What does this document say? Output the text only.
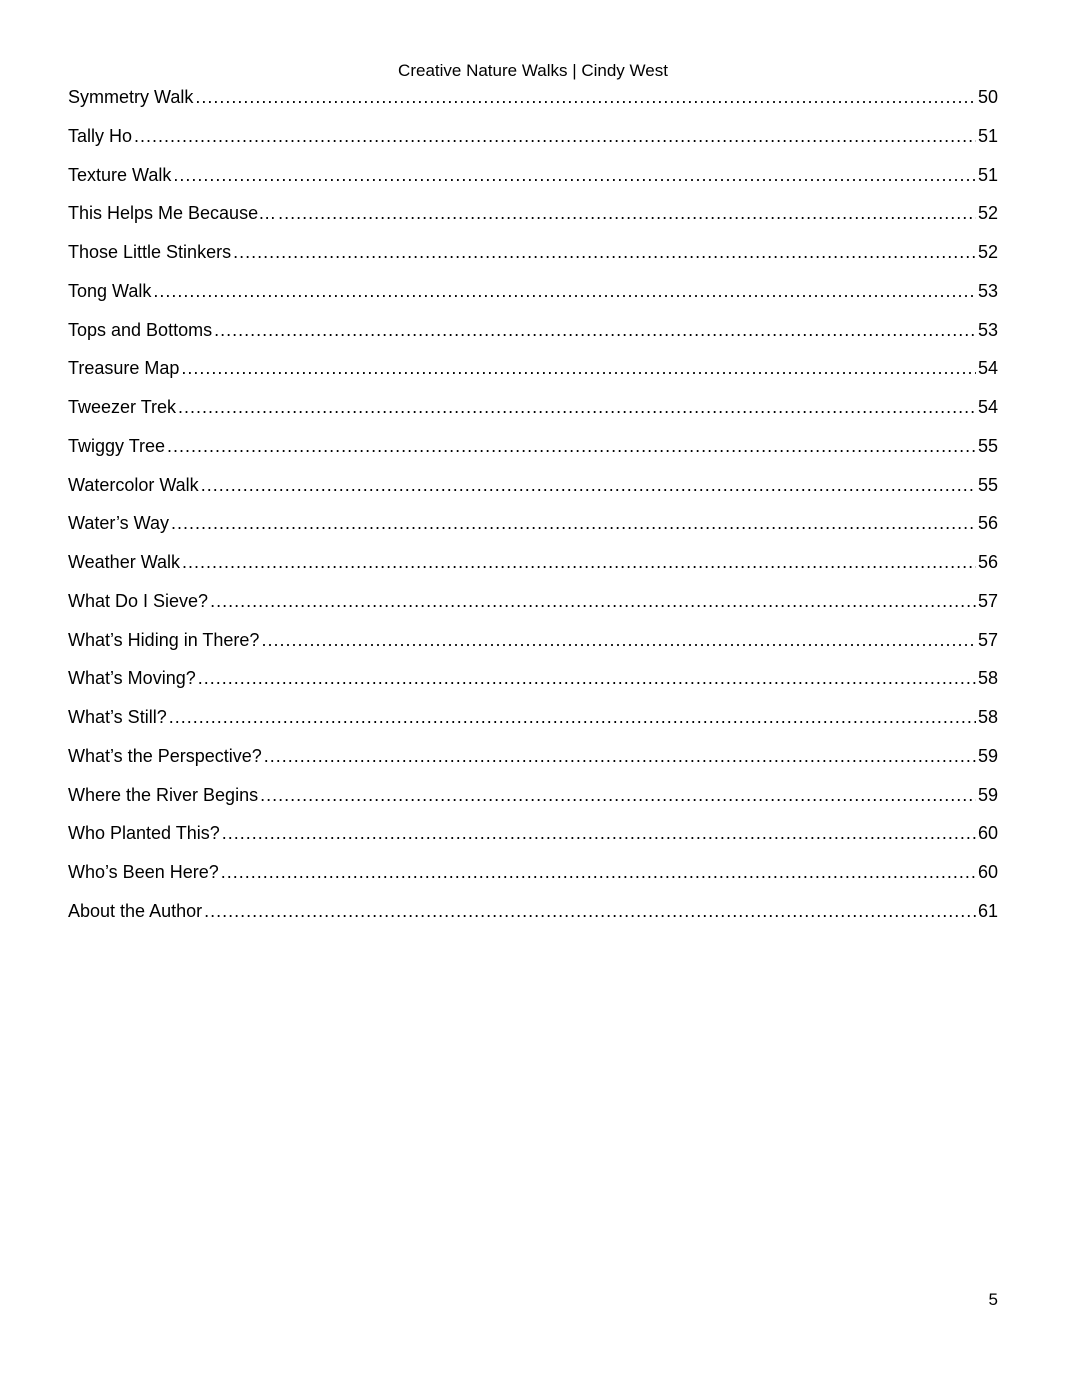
Creative Nature Walks | Cindy West
Symmetry Walk .....	50
Tally Ho .....	51
Texture Walk .....	51
This Helps Me Because… .....	52
Those Little Stinkers .....	52
Tong Walk .....	53
Tops and Bottoms .....	53
Treasure Map .....	54
Tweezer Trek .....	54
Twiggy Tree .....	55
Watercolor Walk .....	55
Water’s Way .....	56
Weather Walk .....	56
What Do I Sieve? .....	57
What’s Hiding in There? .....	57
What’s Moving? .....	58
What’s Still? .....	58
What’s the Perspective? .....	59
Where the River Begins .....	59
Who Planted This? .....	60
Who’s Been Here? .....	60
About the Author .....	61
5
